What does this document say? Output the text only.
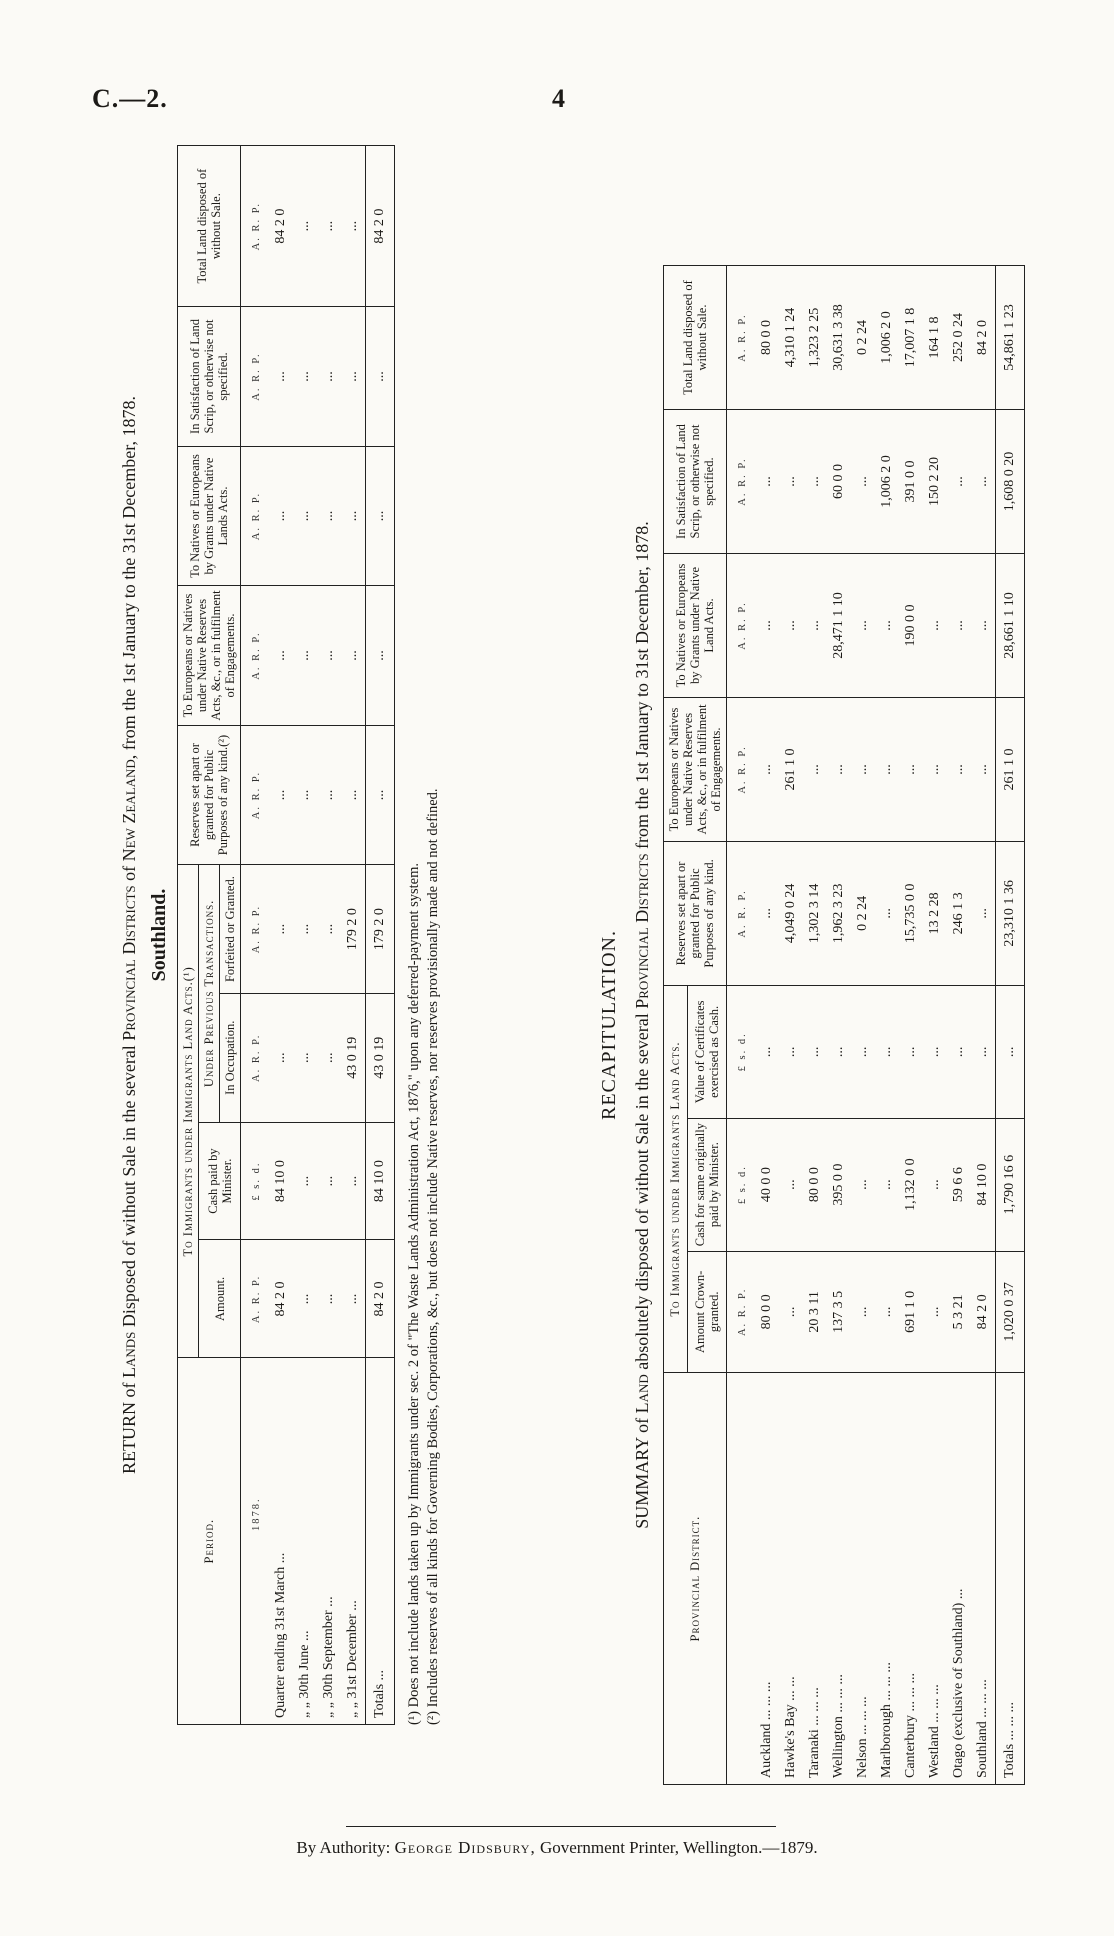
C.—2.	4

RETURN of Lands Disposed of without Sale in the several Provincial Districts of New Zealand, from the 1st January to the 31st December, 1878.

Southland.
Period.	To Immigrants under Immigrants Land Acts.(¹)				Reserves set apart or granted for Public Purposes of any kind.(²)	To Europeans or Natives under Native Reserves Acts, &c., or in fulfilment of Engagements.	To Natives or Europeans by Grants under Native Lands Acts.	In Satisfaction of Land Scrip, or otherwise not specified.	Total Land disposed of without Sale.
	Amount.	Cash paid by Minister.	Under Previous Transactions.						
			In Occupation.	Forfeited or Granted.					
1878.	A. R. P.	£ s. d.	A. R. P.	A. R. P.	A. R. P.	A. R. P.	A. R. P.	A. R. P.	A. R. P.
Quarter ending 31st March ...	84 2 0	84 10 0	...	...	...	...	...	...	84 2 0
„ „ 30th June ...	...	...	...	...	...	...	...	...	...
„ „ 30th September ...	...	...	...	...	...	...	...	...	...
„ „ 31st December ...	...	...	43 0 19	179 2 0	...	...	...	...	...
Totals ...	84 2 0	84 10 0	43 0 19	179 2 0	...	...	...	...	84 2 0
(¹) Does not include lands taken up by Immigrants under sec. 2 of "The Waste Lands Administration Act, 1876," upon any deferred-payment system. (²) Includes reserves of all kinds for Governing Bodies, Corporations, &c., but does not include Native reserves, nor reserves provisionally made and not defined.	RECAPITULATION.

SUMMARY of Land absolutely disposed of without Sale in the several Provincial Districts from the 1st January to 31st December, 1878.

Provincial District.	To Immigrants under Immigrants Land Acts.			Reserves set apart or granted for Public Purposes of any kind.	To Europeans or Natives under Native Reserves Acts, &c., or in fulfilment of Engagements.	To Natives or Europeans by Grants under Native Land Acts.	In Satisfaction of Land Scrip, or otherwise not specified.	Total Land disposed of without Sale.
	Amount Crown-granted.	Cash for same originally paid by Minister.	Value of Certificates exercised as Cash.					
	A. R. P.	£ s. d.	£ s. d.	A. R. P.	A. R. P.	A. R. P.	A. R. P.	A. R. P.
Auckland ... ... ...	80 0 0	40 0 0	...	...	...	...	...	80 0 0
Hawke's Bay ... ...	...	...	...	4,049 0 24	261 1 0	...	...	4,310 1 24
Taranaki ... ... ...	20 3 11	80 0 0	...	1,302 3 14	...	...	...	1,323 2 25
Wellington ... ... ...	137 3 5	395 0 0	...	1,962 3 23	...	28,471 1 10	60 0 0	30,631 3 38
Nelson ... ... ...	...	...	...	0 2 24	...	...	...	0 2 24
Marlborough ... ... ...	...	...	...	...	...	...	1,006 2 0	1,006 2 0
Canterbury ... ... ...	691 1 0	1,132 0 0	...	15,735 0 0	...	190 0 0	391 0 0	17,007 1 8
Westland ... ... ...	...	...	...	13 2 28	...	...	150 2 20	164 1 8
Otago (exclusive of Southland) ...	5 3 21	59 6 6	...	246 1 3	...	...	...	252 0 24
Southland ... ... ...	84 2 0	84 10 0	...	...	...	...	...	84 2 0
Totals ... ... ...	1,020 0 37	1,790 16 6	...	23,310 1 36	261 1 0	28,661 1 10	1,608 0 20	54,861 1 23
By Authority: George Didsbury, Government Printer, Wellington.—1879.
